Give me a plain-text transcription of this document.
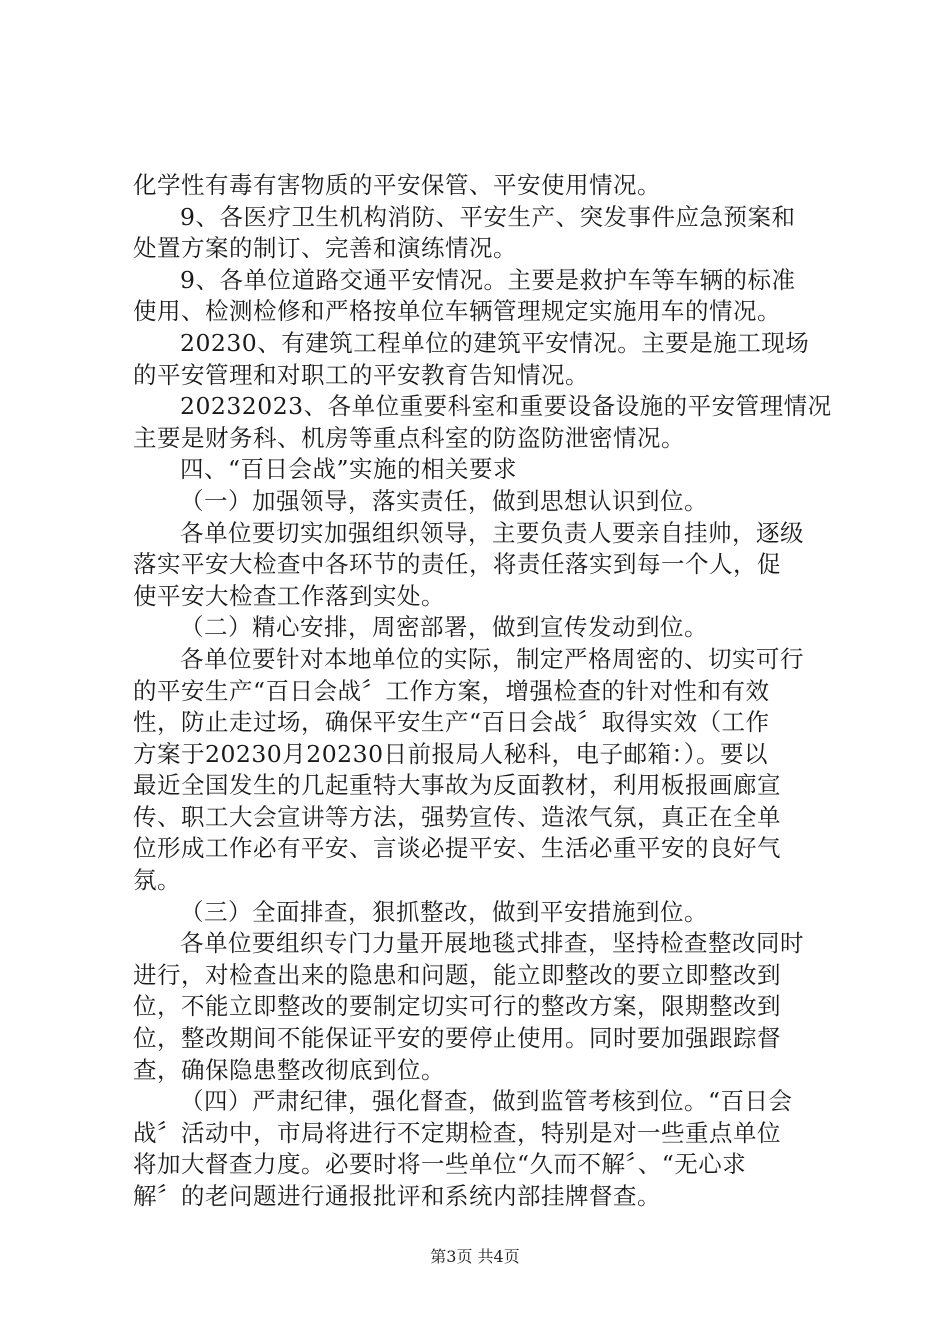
化学性有毒有害物质的平安保管、平安使用情况。
9、各医疗卫生机构消防、平安生产、突发事件应急预案和
处置方案的制订、完善和演练情况。
9、各单位道路交通平安情况。主要是救护车等车辆的标准
使用、检测检修和严格按单位车辆管理规定实施用车的情况。
20230、有建筑工程单位的建筑平安情况。主要是施工现场
的平安管理和对职工的平安教育告知情况。
20232023、各单位重要科室和重要设备设施的平安管理情况
主要是财务科、机房等重点科室的防盗防泄密情况。
四、“百日会战”实施的相关要求
（一）加强领导，落实责任，做到思想认识到位。
各单位要切实加强组织领导，主要负责人要亲自挂帅，逐级
落实平安大检查中各环节的责任，将责任落实到每一个人，促
使平安大检查工作落到实处。
（二）精心安排，周密部署，做到宣传发动到位。
各单位要针对本地单位的实际，制定严格周密的、切实可行
的平安生产“百日会战〞工作方案，增强检查的针对性和有效
性，防止走过场，确保平安生产“百日会战〞取得实效（工作
方案于20230月20230日前报局人秘科，电子邮箱：）。要以
最近全国发生的几起重特大事故为反面教材，利用板报画廊宣
传、职工大会宣讲等方法，强势宣传、造浓气氛，真正在全单
位形成工作必有平安、言谈必提平安、生活必重平安的良好气
氛。
（三）全面排查，狠抓整改，做到平安措施到位。
各单位要组织专门力量开展地毯式排查，坚持检查整改同时
进行，对检查出来的隐患和问题，能立即整改的要立即整改到
位，不能立即整改的要制定切实可行的整改方案，限期整改到
位，整改期间不能保证平安的要停止使用。同时要加强跟踪督
查，确保隐患整改彻底到位。
（四）严肃纪律，强化督查，做到监管考核到位。“百日会
战〞活动中，市局将进行不定期检查，特别是对一些重点单位
将加大督查力度。必要时将一些单位“久而不解〞、“无心求
解〞的老问题进行通报批评和系统内部挂牌督查。
第3页 共4页
